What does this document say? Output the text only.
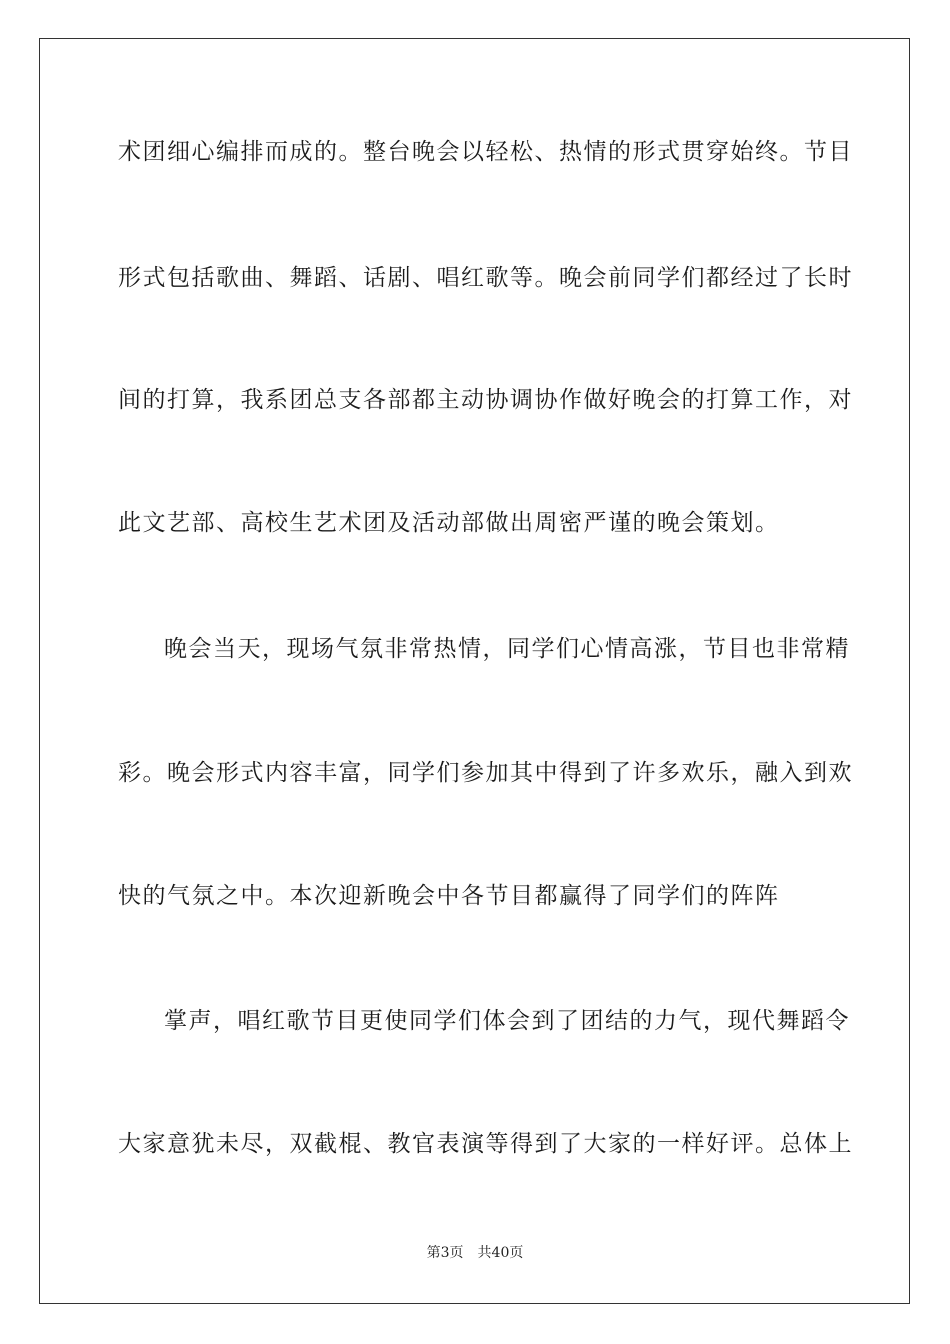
术团细心编排而成的。整台晚会以轻松、热情的形式贯穿始终。节目
形式包括歌曲、舞蹈、话剧、唱红歌等。晚会前同学们都经过了长时
间的打算，我系团总支各部都主动协调协作做好晚会的打算工作，对
此文艺部、高校生艺术团及活动部做出周密严谨的晚会策划。
晚会当天，现场气氛非常热情，同学们心情高涨，节目也非常精
彩。晚会形式内容丰富，同学们参加其中得到了许多欢乐，融入到欢
快的气氛之中。本次迎新晚会中各节目都赢得了同学们的阵阵
掌声，唱红歌节目更使同学们体会到了团结的力气，现代舞蹈令
大家意犹未尽，双截棍、教官表演等得到了大家的一样好评。总体上
第3页 共40页
